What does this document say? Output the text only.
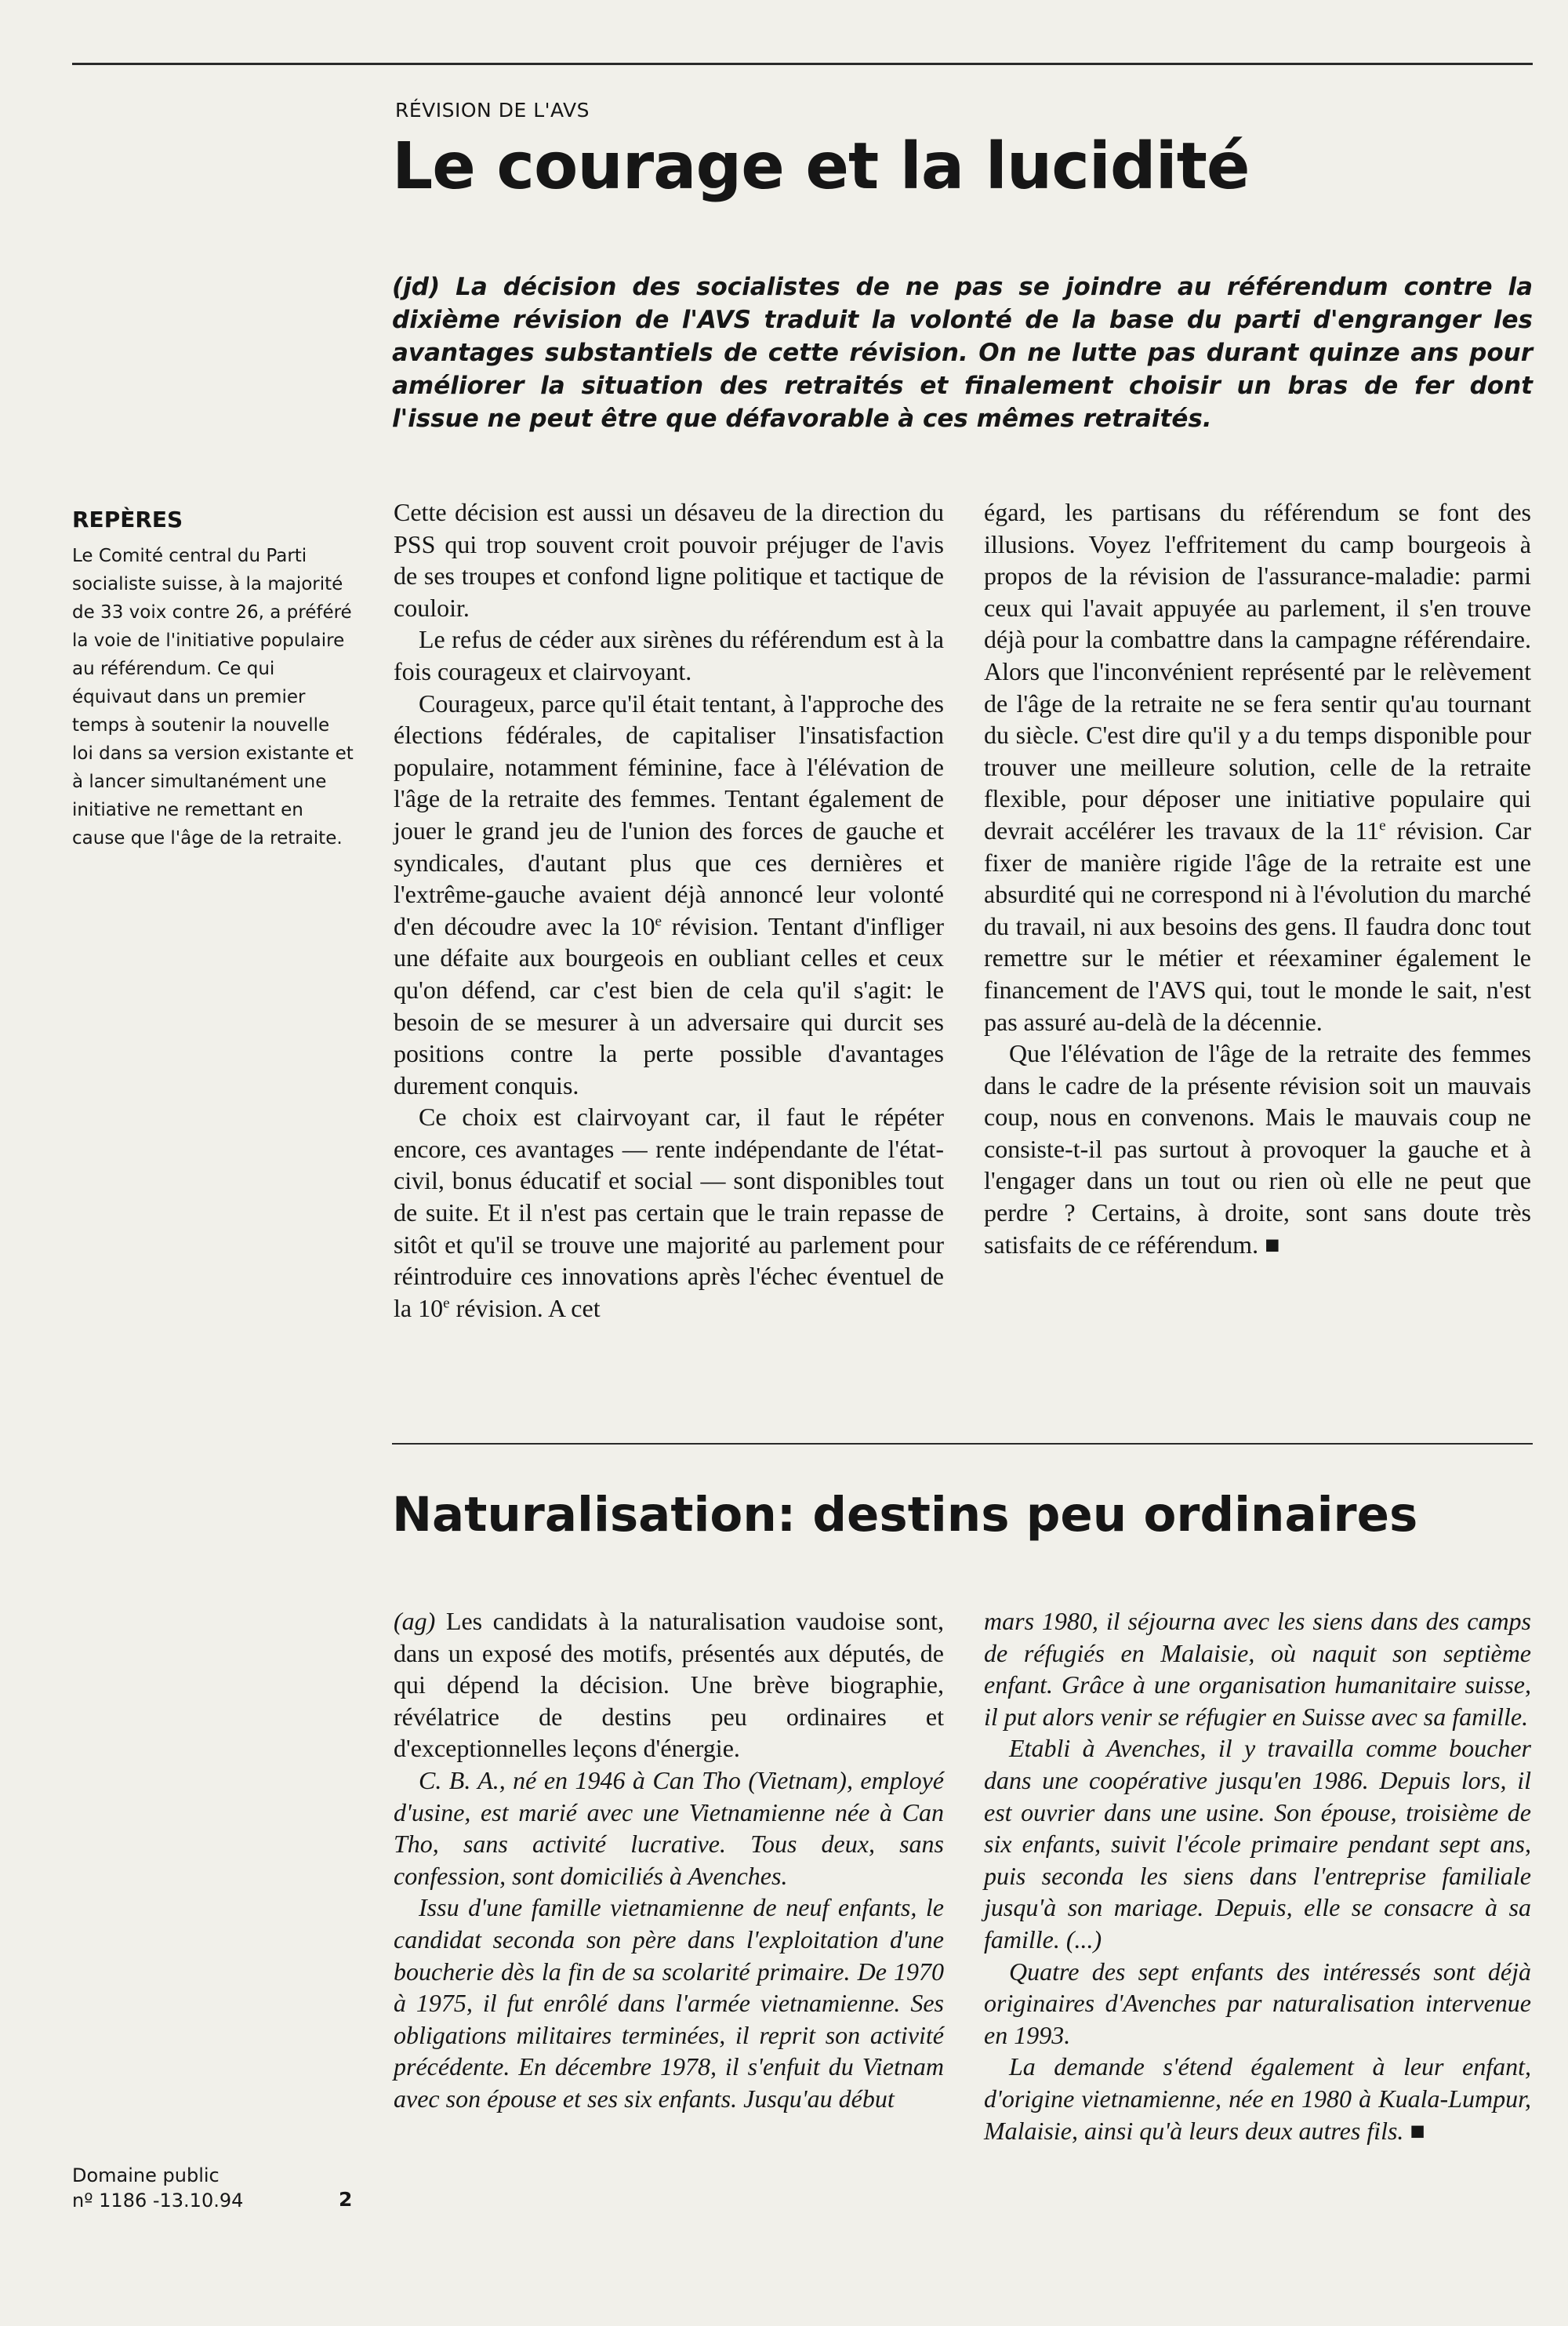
RÉVISION DE L'AVS
Le courage et la lucidité

(jd) La décision des socialistes de ne pas se joindre au référendum contre la dixième révision de l'AVS traduit la volonté de la base du parti d'engranger les avantages substantiels de cette révision. On ne lutte pas durant quinze ans pour améliorer la situation des retraités et finalement choisir un bras de fer dont l'issue ne peut être que défavorable à ces mêmes retraités.

REPÈRES

Le Comité central du Parti socialiste suisse, à la majorité de 33 voix contre 26, a préféré la voie de l'initiative populaire au référendum. Ce qui équivaut dans un premier temps à soutenir la nouvelle loi dans sa version existante et à lancer simultanément une initiative ne remettant en cause que l'âge de la retraite.

Cette décision est aussi un désaveu de la direction du PSS qui trop souvent croit pouvoir préjuger de l'avis de ses troupes et confond ligne politique et tactique de couloir.

Le refus de céder aux sirènes du référendum est à la fois courageux et clairvoyant.

Courageux, parce qu'il était tentant, à l'approche des élections fédérales, de capitaliser l'insatisfaction populaire, notamment féminine, face à l'élévation de l'âge de la retraite des femmes. Tentant également de jouer le grand jeu de l'union des forces de gauche et syndicales, d'autant plus que ces dernières et l'extrême-gauche avaient déjà annoncé leur volonté d'en découdre avec la 10e révision. Tentant d'infliger une défaite aux bourgeois en oubliant celles et ceux qu'on défend, car c'est bien de cela qu'il s'agit: le besoin de se mesurer à un adversaire qui durcit ses positions contre la perte possible d'avantages durement conquis.

Ce choix est clairvoyant car, il faut le répéter encore, ces avantages — rente indépendante de l'état-civil, bonus éducatif et social — sont disponibles tout de suite. Et il n'est pas certain que le train repasse de sitôt et qu'il se trouve une majorité au parlement pour réintroduire ces innovations après l'échec éventuel de la 10e révision. A cet

égard, les partisans du référendum se font des illusions. Voyez l'effritement du camp bourgeois à propos de la révision de l'assurance-maladie: parmi ceux qui l'avait appuyée au parlement, il s'en trouve déjà pour la combattre dans la campagne référendaire. Alors que l'inconvénient représenté par le relèvement de l'âge de la retraite ne se fera sentir qu'au tournant du siècle. C'est dire qu'il y a du temps disponible pour trouver une meilleure solution, celle de la retraite flexible, pour déposer une initiative populaire qui devrait accélérer les travaux de la 11e révision. Car fixer de manière rigide l'âge de la retraite est une absurdité qui ne correspond ni à l'évolution du marché du travail, ni aux besoins des gens. Il faudra donc tout remettre sur le métier et réexaminer également le financement de l'AVS qui, tout le monde le sait, n'est pas assuré au-delà de la décennie.

Que l'élévation de l'âge de la retraite des femmes dans le cadre de la présente révision soit un mauvais coup, nous en convenons. Mais le mauvais coup ne consiste-t-il pas surtout à provoquer la gauche et à l'engager dans un tout ou rien où elle ne peut que perdre ? Certains, à droite, sont sans doute très satisfaits de ce référendum. ■

Naturalisation: destins peu ordinaires

(ag) Les candidats à la naturalisation vaudoise sont, dans un exposé des motifs, présentés aux députés, de qui dépend la décision. Une brève biographie, révélatrice de destins peu ordinaires et d'exceptionnelles leçons d'énergie.

C. B. A., né en 1946 à Can Tho (Vietnam), employé d'usine, est marié avec une Vietnamienne née à Can Tho, sans activité lucrative. Tous deux, sans confession, sont domiciliés à Avenches.

Issu d'une famille vietnamienne de neuf enfants, le candidat seconda son père dans l'exploitation d'une boucherie dès la fin de sa scolarité primaire. De 1970 à 1975, il fut enrôlé dans l'armée vietnamienne. Ses obligations militaires terminées, il reprit son activité précédente. En décembre 1978, il s'enfuit du Vietnam avec son épouse et ses six enfants. Jusqu'au début

mars 1980, il séjourna avec les siens dans des camps de réfugiés en Malaisie, où naquit son septième enfant. Grâce à une organisation humanitaire suisse, il put alors venir se réfugier en Suisse avec sa famille.

Etabli à Avenches, il y travailla comme boucher dans une coopérative jusqu'en 1986. Depuis lors, il est ouvrier dans une usine. Son épouse, troisième de six enfants, suivit l'école primaire pendant sept ans, puis seconda les siens dans l'entreprise familiale jusqu'à son mariage. Depuis, elle se consacre à sa famille. (...)

Quatre des sept enfants des intéressés sont déjà originaires d'Avenches par naturalisation intervenue en 1993.

La demande s'étend également à leur enfant, d'origine vietnamienne, née en 1980 à Kuala-Lumpur, Malaisie, ainsi qu'à leurs deux autres fils. ■

Domaine public
nº 1186 -13.10.94	2
